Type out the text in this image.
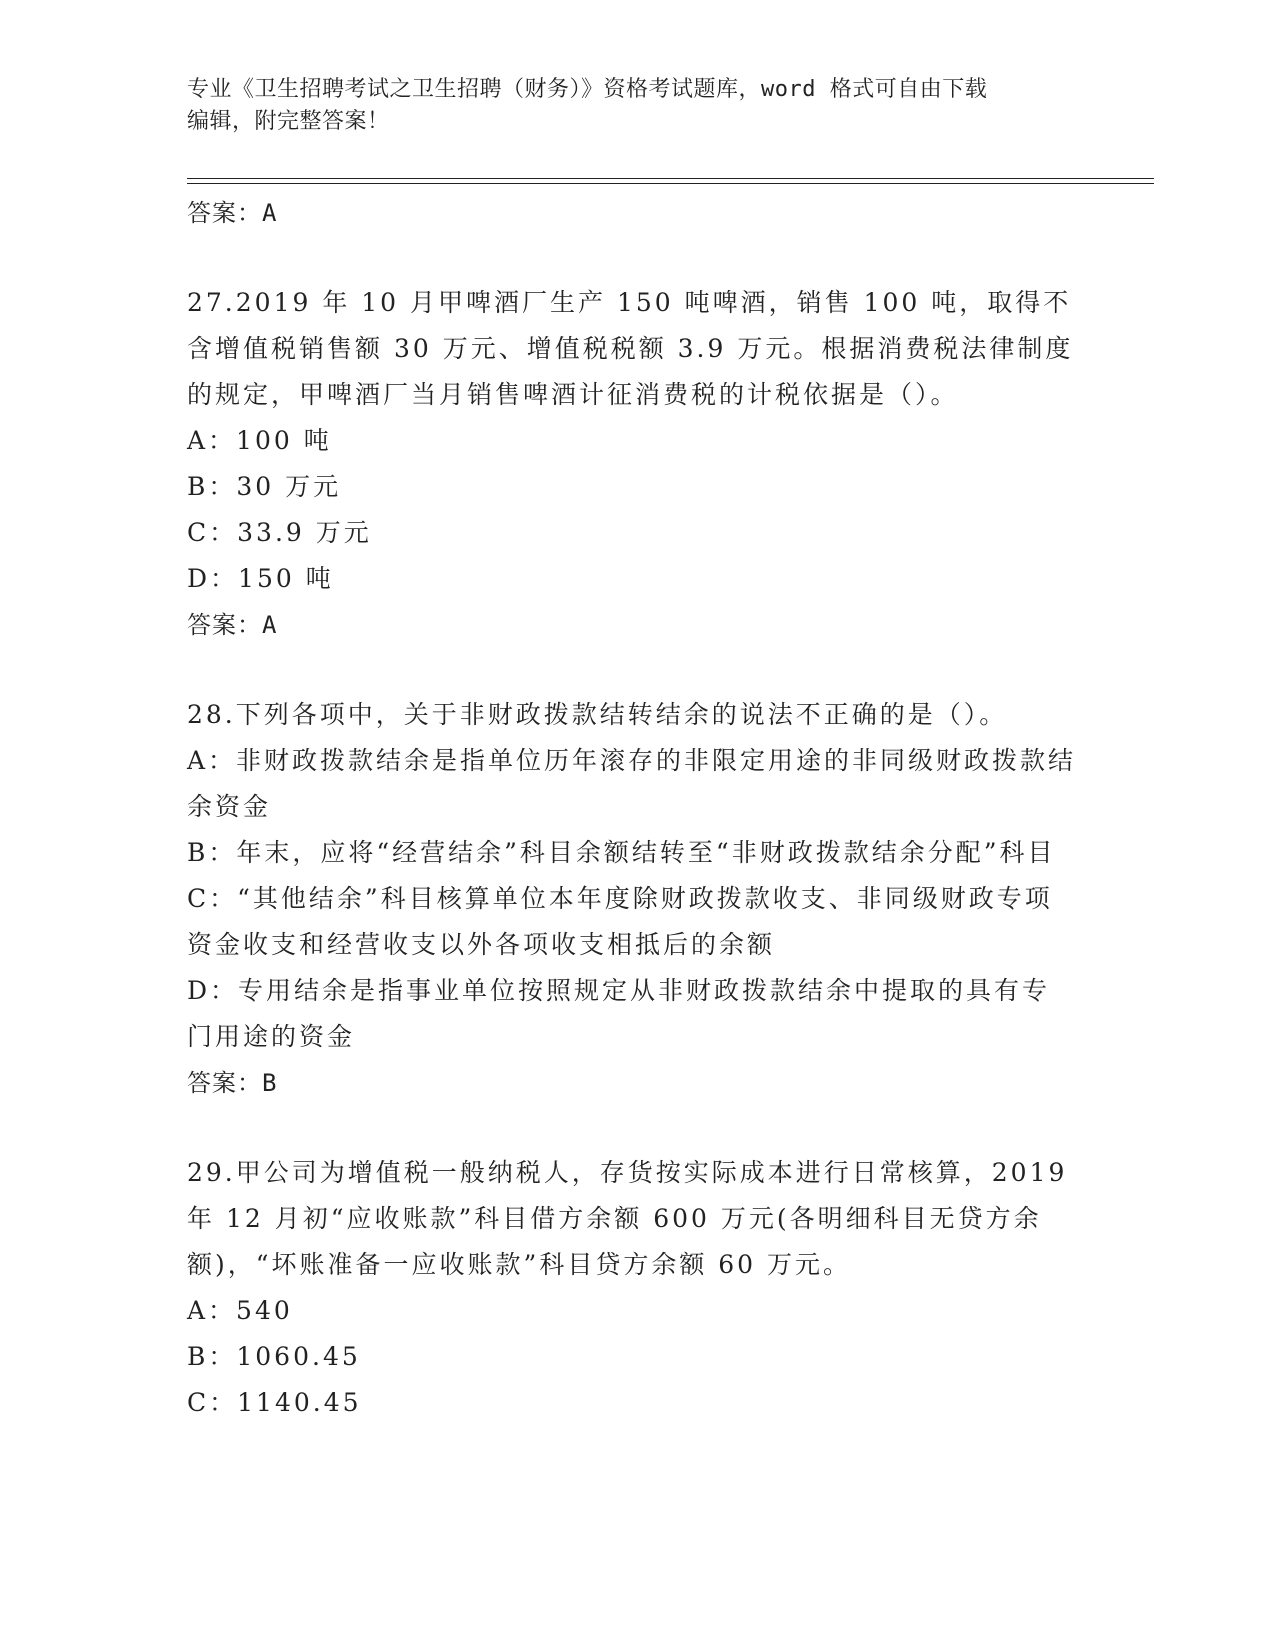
专业《卫生招聘考试之卫生招聘（财务）》资格考试题库，word 格式可自由下载
编辑，附完整答案！
答案：A
27.2019 年 10 月甲啤酒厂生产 150 吨啤酒，销售 100 吨，取得不含增值税销售额 30 万元、增值税税额 3.9 万元。根据消费税法律制度的规定，甲啤酒厂当月销售啤酒计征消费税的计税依据是（）。
A：100 吨
B：30 万元
C：33.9 万元
D：150 吨
答案：A
28.下列各项中，关于非财政拨款结转结余的说法不正确的是（）。
A：非财政拨款结余是指单位历年滚存的非限定用途的非同级财政拨款结余资金
B：年末，应将“经营结余”科目余额结转至“非财政拨款结余分配”科目
C：“其他结余”科目核算单位本年度除财政拨款收支、非同级财政专项资金收支和经营收支以外各项收支相抵后的余额
D：专用结余是指事业单位按照规定从非财政拨款结余中提取的具有专门用途的资金
答案：B
29.甲公司为增值税一般纳税人，存货按实际成本进行日常核算，2019 年 12 月初“应收账款”科目借方余额 600 万元(各明细科目无贷方余额)，“坏账准备一应收账款”科目贷方余额 60 万元。
A：540
B：1060.45
C：1140.45
